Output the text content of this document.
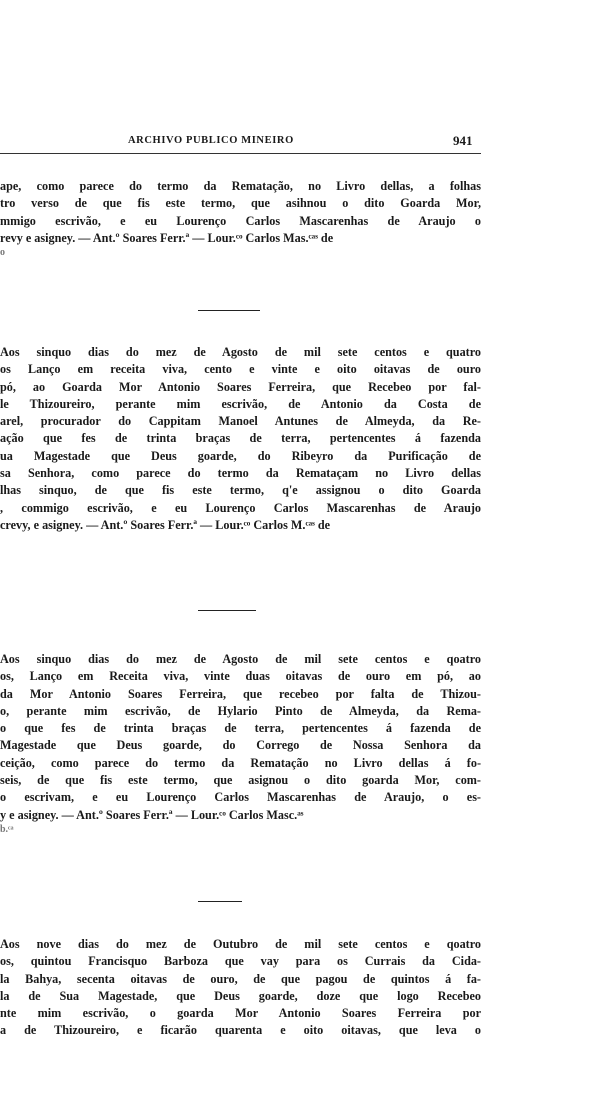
ARCHIVO PUBLICO MINEIRO	941
ape, como parece do termo da Rematação, no Livro dellas, a folhas
tro verso de que fis este termo, que asihnou o dito Goarda Mor,
mmigo escrivão, e eu Lourenço Carlos Mascarenhas de Araujo o
revy e asigney. — Ant.º Soares Ferr.ª — Lour.ᶜᵒ Carlos Mas.ᶜᵃˢ de
o
Aos sinquo dias do mez de Agosto de mil sete centos e quatro
os Lanço em receita viva, cento e vinte e oito oitavas de ouro
pó, ao Goarda Mor Antonio Soares Ferreira, que Recebeo por fal-
le Thizoureiro, perante mim escrivão, de Antonio da Costa de
arel, procurador do Cappitam Manoel Antunes de Almeyda, da Re-
ação que fes de trinta braças de terra, pertencentes á fazenda
ua Magestade que Deus goarde, do Ribeyro da Purificação de
sa Senhora, como parece do termo da Remataçam no Livro dellas
lhas sinquo, de que fis este termo, q'e assignou o dito Goarda
, commigo escrivão, e eu Lourenço Carlos Mascarenhas de Araujo
crevy, e asigney. — Ant.º Soares Ferr.ª — Lour.ᶜᵒ Carlos M.ᶜᵃˢ de
Aos sinquo dias do mez de Agosto de mil sete centos e qoatro
os, Lanço em Receita viva, vinte duas oitavas de ouro em pó, ao
da Mor Antonio Soares Ferreira, que recebeo por falta de Thizou-
o, perante mim escrivão, de Hylario Pinto de Almeyda, da Rema-
o que fes de trinta braças de terra, pertencentes á fazenda de
Magestade que Deus goarde, do Corrego de Nossa Senhora da
ceição, como parece do termo da Rematação no Livro dellas á fo-
seis, de que fis este termo, que asignou o dito goarda Mor, com-
o escrivam, e eu Lourenço Carlos Mascarenhas de Araujo, o es-
y e asigney. — Ant.º Soares Ferr.ª — Lour.ᶜᵒ Carlos Masc.ᵃˢ
b.ᶜᵃ
Aos nove dias do mez de Outubro de mil sete centos e qoatro
os, quintou Francisquo Barboza que vay para os Currais da Cida-
la Bahya, secenta oitavas de ouro, de que pagou de quintos á fa-
la de Sua Magestade, que Deus goarde, doze que logo Recebeo
nte mim escrivão, o goarda Mor Antonio Soares Ferreira por
a de Thizoureiro, e ficarão quarenta e oito oitavas, que leva o
